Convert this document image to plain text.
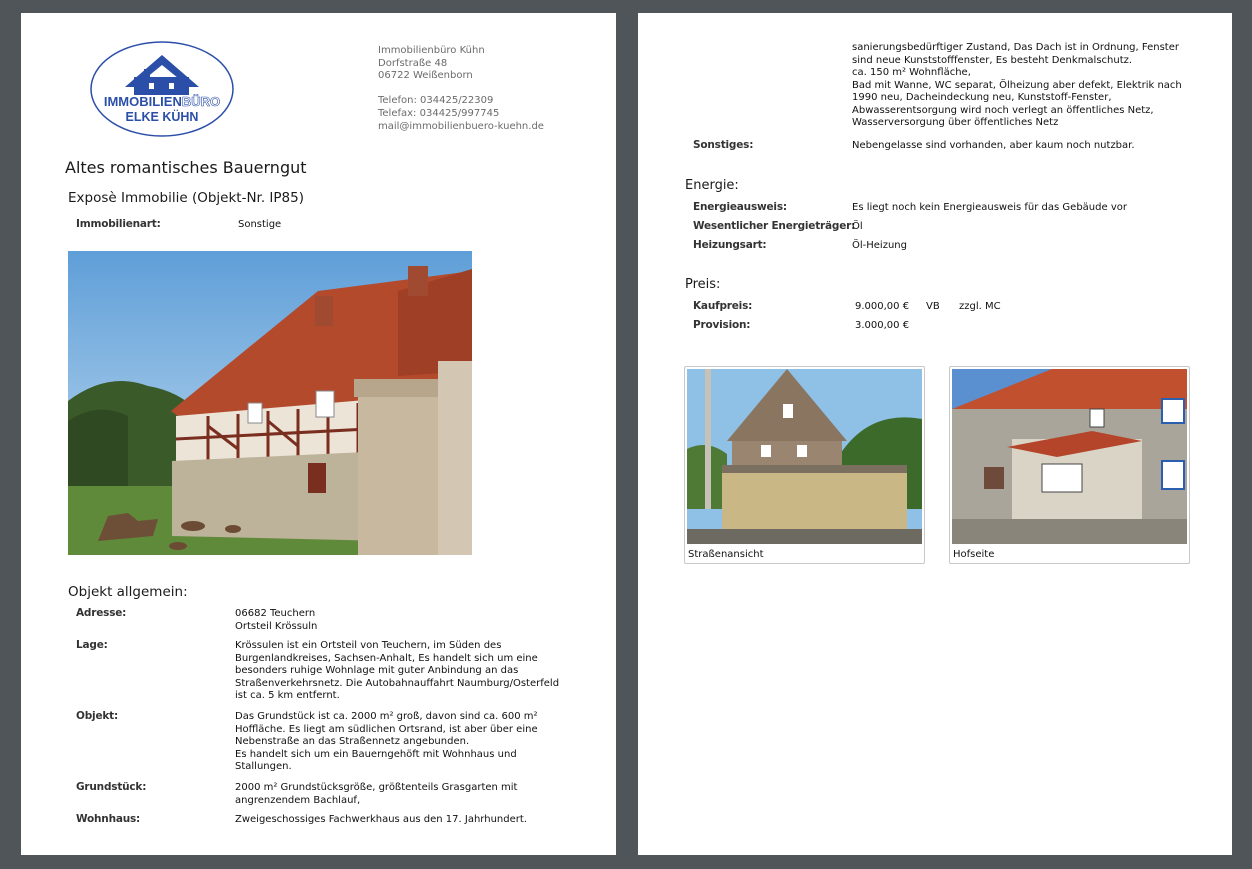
IMMOBILIENBÜRO
ELKE KÜHN
Immobilienbüro Kühn
Dorfstraße 48
06722 Weißenborn
Telefon: 034425/22309
Telefax: 034425/997745
mail@immobilienbuero-kuehn.de
Altes romantisches Bauerngut
Exposè Immobilie (Objekt-Nr. IP85)
Immobilienart:	Sonstige
Objekt allgemein:
Adresse:	06682 Teuchern
Ortsteil Krössuln
Lage:	Krössulen ist ein Ortsteil von Teuchern, im Süden des
Burgenlandkreises, Sachsen-Anhalt, Es handelt sich um eine
besonders ruhige Wohnlage mit guter Anbindung an das
Straßenverkehrsnetz. Die Autobahnauffahrt Naumburg/Osterfeld
ist ca. 5 km entfernt.
Objekt:	Das Grundstück ist ca. 2000 m² groß, davon sind ca. 600 m²
Hoffläche. Es liegt am südlichen Ortsrand, ist aber über eine
Nebenstraße an das Straßennetz angebunden.
Es handelt sich um ein Bauerngehöft mit Wohnhaus und
Stallungen.
Grundstück:	2000 m² Grundstücksgröße, größtenteils Grasgarten mit
angrenzendem Bachlauf,
Wohnhaus:	Zweigeschossiges Fachwerkhaus aus den 17. Jahrhundert.
sanierungsbedürftiger Zustand, Das Dach ist in Ordnung, Fenster
sind neue Kunststofffenster, Es besteht Denkmalschutz.
ca. 150 m² Wohnfläche,
Bad mit Wanne, WC separat, Ölheizung aber defekt, Elektrik nach
1990 neu, Dacheindeckung neu, Kunststoff-Fenster,
Abwasserentsorgung wird noch verlegt an öffentliches Netz,
Wasserversorgung über öffentliches Netz
Sonstiges:	Nebengelasse sind vorhanden, aber kaum noch nutzbar.
Energie:
Energieausweis:	Es liegt noch kein Energieausweis für das Gebäude vor
Wesentlicher Energieträger:
Öl
Heizungsart:	Öl-Heizung
Preis:
Kaufpreis:	9.000,00 € VB zzgl. MC
Provision:	3.000,00 €
Straßenansicht	Hofseite
